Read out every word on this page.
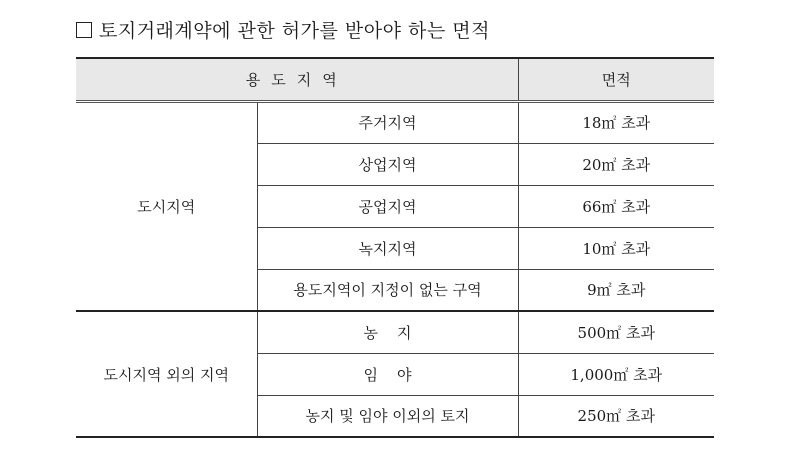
토지거래계약에 관한 허가를 받아야 하는 면적
용도지역		면적
도시지역	주거지역	18㎡ 초과
	상업지역	20㎡ 초과
	공업지역	66㎡ 초과
	녹지지역	10㎡ 초과
	용도지역이 지정이 없는 구역	9㎡ 초과
도시지역 외의 지역	농    지	500㎡ 초과
	임    야	1,000㎡ 초과
	농지 및 임야 이외의 토지	250㎡ 초과
